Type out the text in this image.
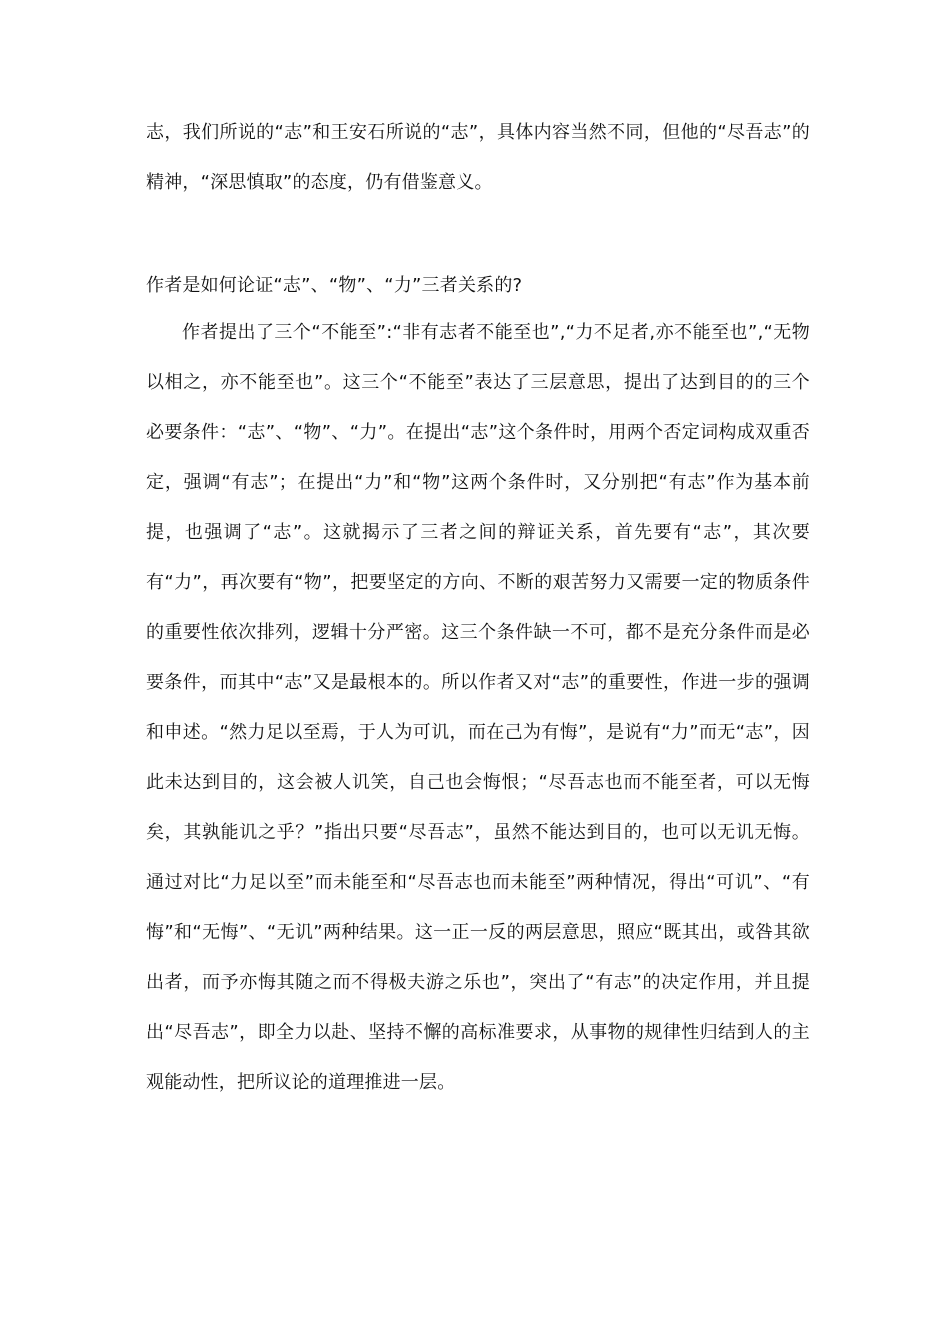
志，我们所说的“志”和王安石所说的“志”，具体内容当然不同，但他的“尽吾志”的精神，“深思慎取”的态度，仍有借鉴意义。

作者是如何论证“志”、“物”、“力”三者关系的?

作者提出了三个“不能至”:“非有志者不能至也”,“力不足者,亦不能至也”,“无物以相之，亦不能至也”。这三个“不能至”表达了三层意思，提出了达到目的的三个必要条件：“志”、“物”、“力”。在提出“志”这个条件时，用两个否定词构成双重否定，强调“有志”；在提出“力”和“物”这两个条件时，又分别把“有志”作为基本前提，也强调了“志”。这就揭示了三者之间的辩证关系，首先要有“志”，其次要有“力”，再次要有“物”，把要坚定的方向、不断的艰苦努力又需要一定的物质条件的重要性依次排列，逻辑十分严密。这三个条件缺一不可，都不是充分条件而是必要条件，而其中“志”又是最根本的。所以作者又对“志”的重要性，作进一步的强调和申述。“然力足以至焉，于人为可讥，而在己为有悔”，是说有“力”而无“志”，因此未达到目的，这会被人讥笑，自己也会悔恨；“尽吾志也而不能至者，可以无悔矣，其孰能讥之乎？”指出只要“尽吾志”，虽然不能达到目的，也可以无讥无悔。通过对比“力足以至”而未能至和“尽吾志也而未能至”两种情况，得出“可讥”、“有悔”和“无悔”、“无讥”两种结果。这一正一反的两层意思，照应“既其出，或咎其欲出者，而予亦悔其随之而不得极夫游之乐也”，突出了“有志”的决定作用，并且提出“尽吾志”，即全力以赴、坚持不懈的高标准要求，从事物的规律性归结到人的主观能动性，把所议论的道理推进一层。
